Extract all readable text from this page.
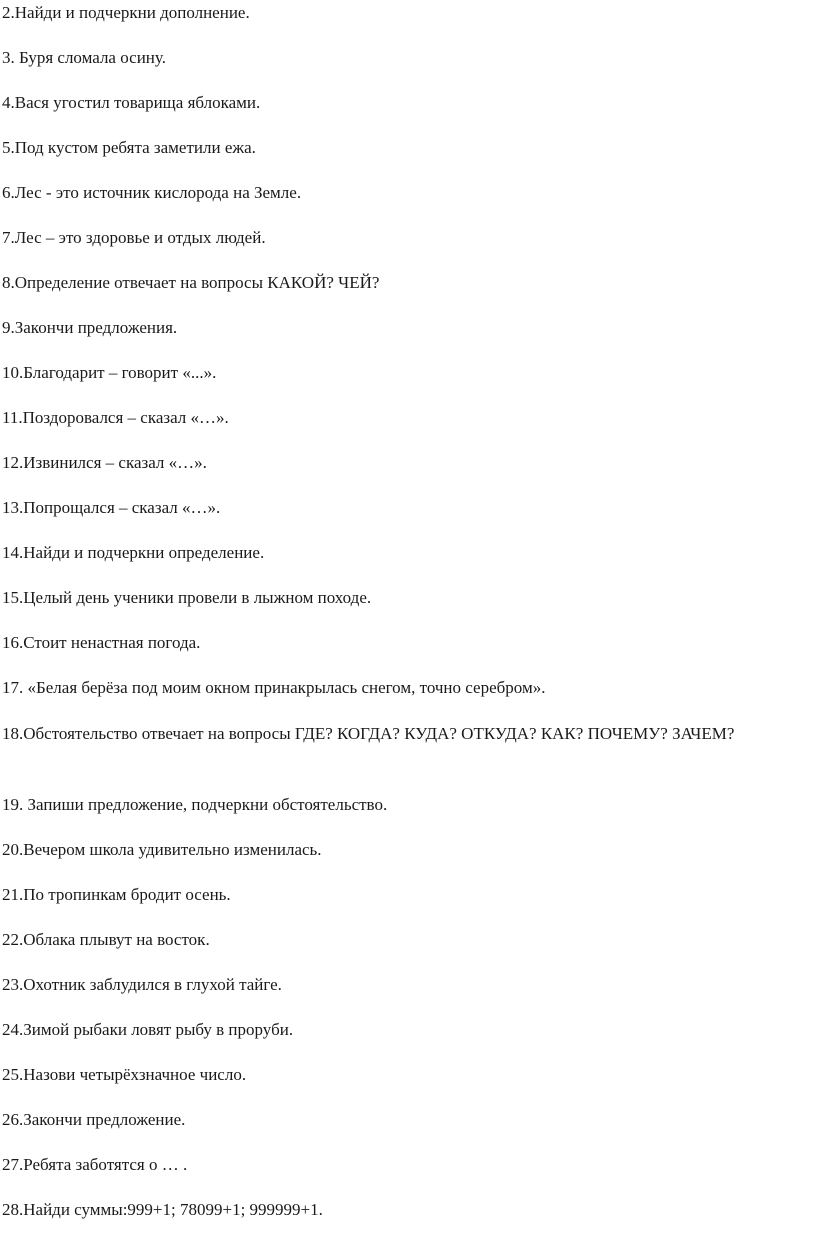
2.Найди и подчеркни дополнение.

3. Буря сломала осину.

4.Вася угостил товарища яблоками.

5.Под кустом ребята заметили ежа.

6.Лес - это источник кислорода на Земле.

7.Лес – это здоровье и отдых людей.

8.Определение отвечает на вопросы КАКОЙ? ЧЕЙ?

9.Закончи предложения.

10.Благодарит – говорит «...».

11.Поздоровался – сказал «…».

12.Извинился – сказал «…».

13.Попрощался – сказал «…».

14.Найди и подчеркни определение.

15.Целый день ученики провели в лыжном походе.

16.Стоит ненастная погода.

17. «Белая берёза под моим окном принакрылась снегом, точно серебром».

18.Обстоятельство отвечает на вопросы ГДЕ? КОГДА? КУДА? ОТКУДА? КАК? ПОЧЕМУ? ЗАЧЕМ?

19. Запиши предложение, подчеркни обстоятельство.

20.Вечером школа удивительно изменилась.

21.По тропинкам бродит осень.

22.Облака плывут на восток.

23.Охотник заблудился в глухой тайге.

24.Зимой рыбаки ловят рыбу в проруби.

25.Назови четырёхзначное число.

26.Закончи предложение.

27.Ребята заботятся о … .

28.Найди суммы:999+1; 78099+1; 999999+1.
